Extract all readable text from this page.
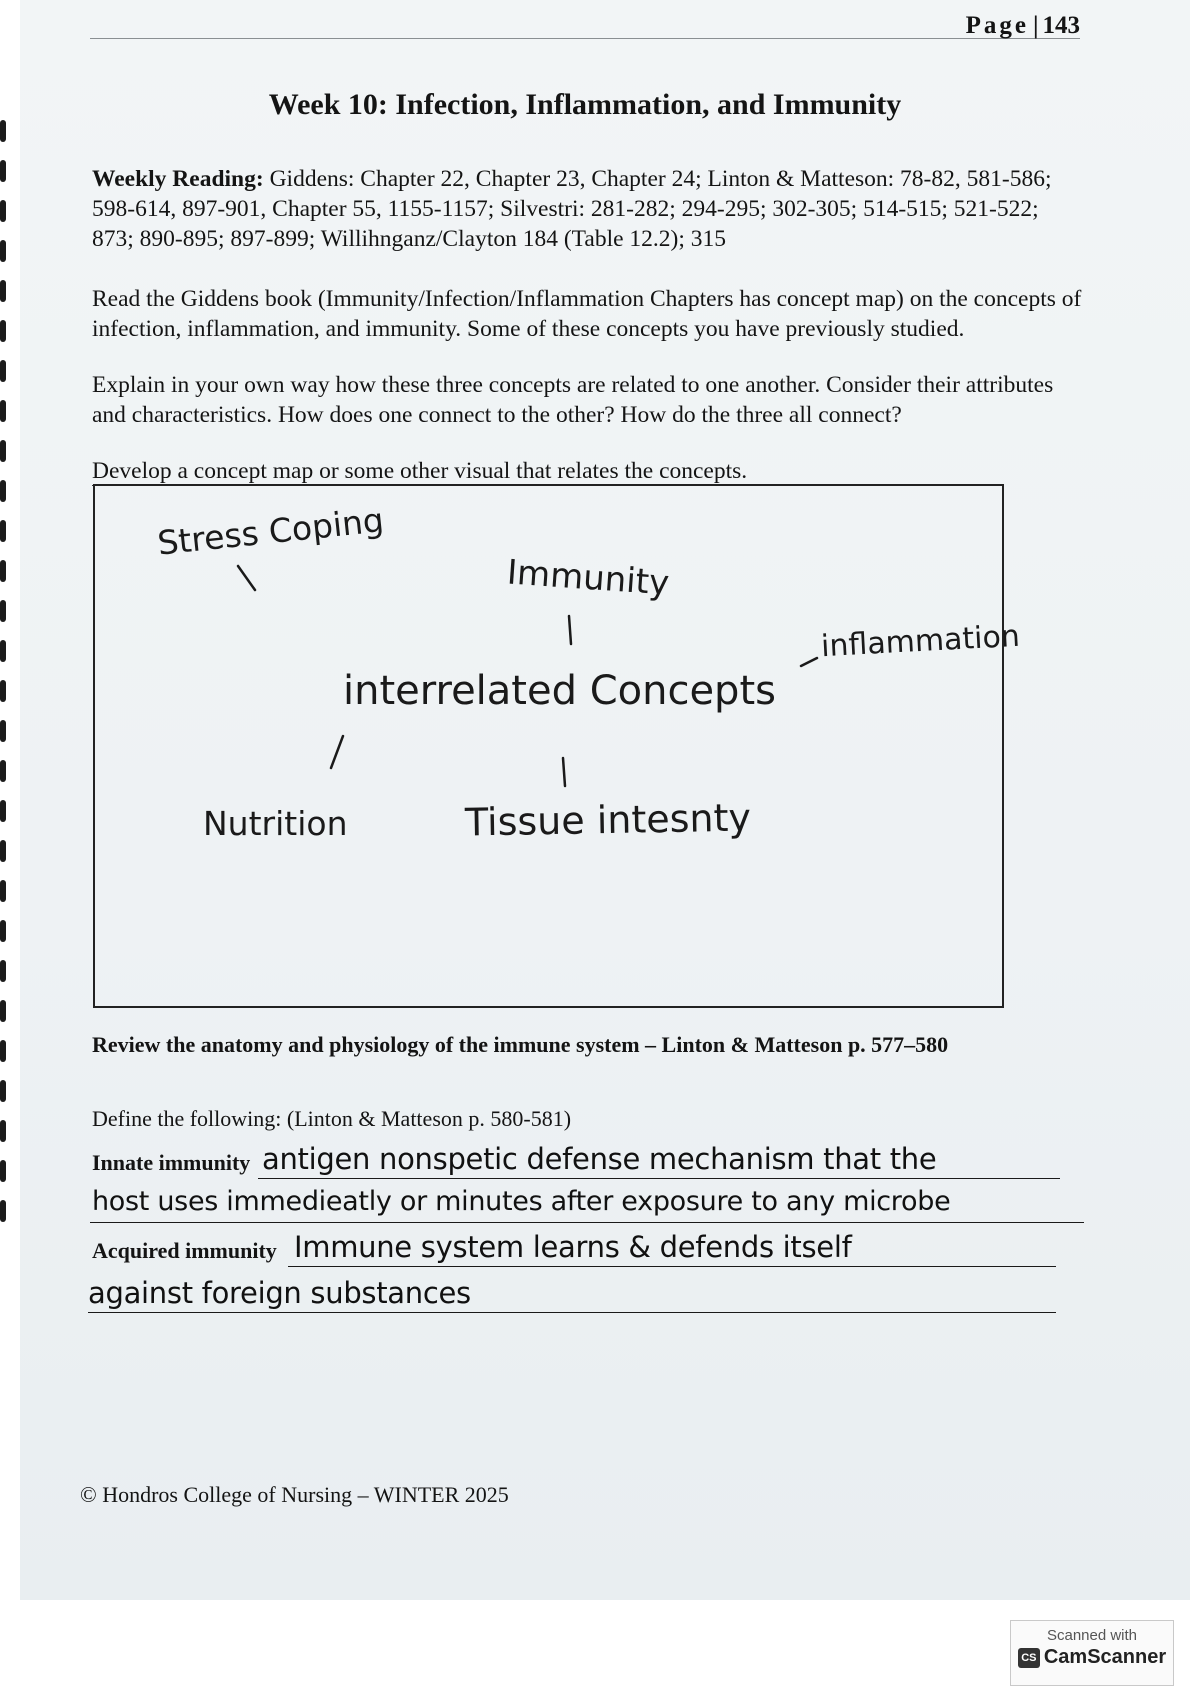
Page | 143
Week 10: Infection, Inflammation, and Immunity
Weekly Reading: Giddens: Chapter 22, Chapter 23, Chapter 24; Linton & Matteson: 78-82, 581-586; 598-614, 897-901, Chapter 55, 1155-1157; Silvestri: 281-282; 294-295; 302-305; 514-515; 521-522; 873; 890-895; 897-899; Willihnganz/Clayton 184 (Table 12.2); 315
Read the Giddens book (Immunity/Infection/Inflammation Chapters has concept map) on the concepts of infection, inflammation, and immunity. Some of these concepts you have previously studied.
Explain in your own way how these three concepts are related to one another. Consider their attributes and characteristics. How does one connect to the other? How do the three all connect?
Develop a concept map or some other visual that relates the concepts.
Stress Coping
Immunity
inflammation
interrelated Concepts
Nutrition	Tissue intesnty
Review the anatomy and physiology of the immune system – Linton & Matteson p. 577–580
Define the following: (Linton & Matteson p. 580-581)
Innate immunity antigen nonspetic defense mechanism that the
host uses immedieatly or minutes after exposure to any microbe
Acquired immunity Immune system learns & defends itself
against foreign substances
© Hondros College of Nursing – WINTER 2025
Scanned with
CS CamScanner
